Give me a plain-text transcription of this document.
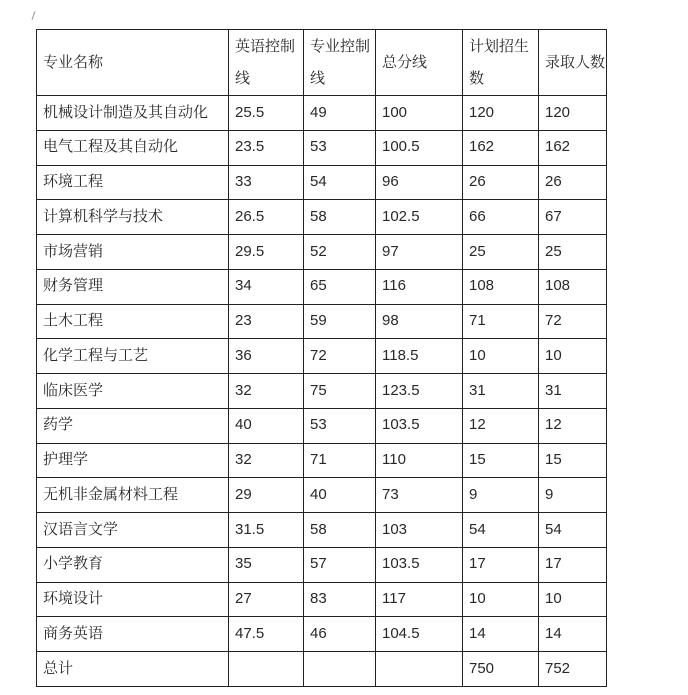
专业名称	英语控制线	专业控制线	总分线	计划招生数	录取人数
机械设计制造及其自动化	25.5	49	100	120	120
电气工程及其自动化	23.5	53	100.5	162	162
环境工程	33	54	96	26	26
计算机科学与技术	26.5	58	102.5	66	67
市场营销	29.5	52	97	25	25
财务管理	34	65	116	108	108
土木工程	23	59	98	71	72
化学工程与工艺	36	72	118.5	10	10
临床医学	32	75	123.5	31	31
药学	40	53	103.5	12	12
护理学	32	71	110	15	15
无机非金属材料工程	29	40	73	9	9
汉语言文学	31.5	58	103	54	54
小学教育	35	57	103.5	17	17
环境设计	27	83	117	10	10
商务英语	47.5	46	104.5	14	14
总计				750	752
